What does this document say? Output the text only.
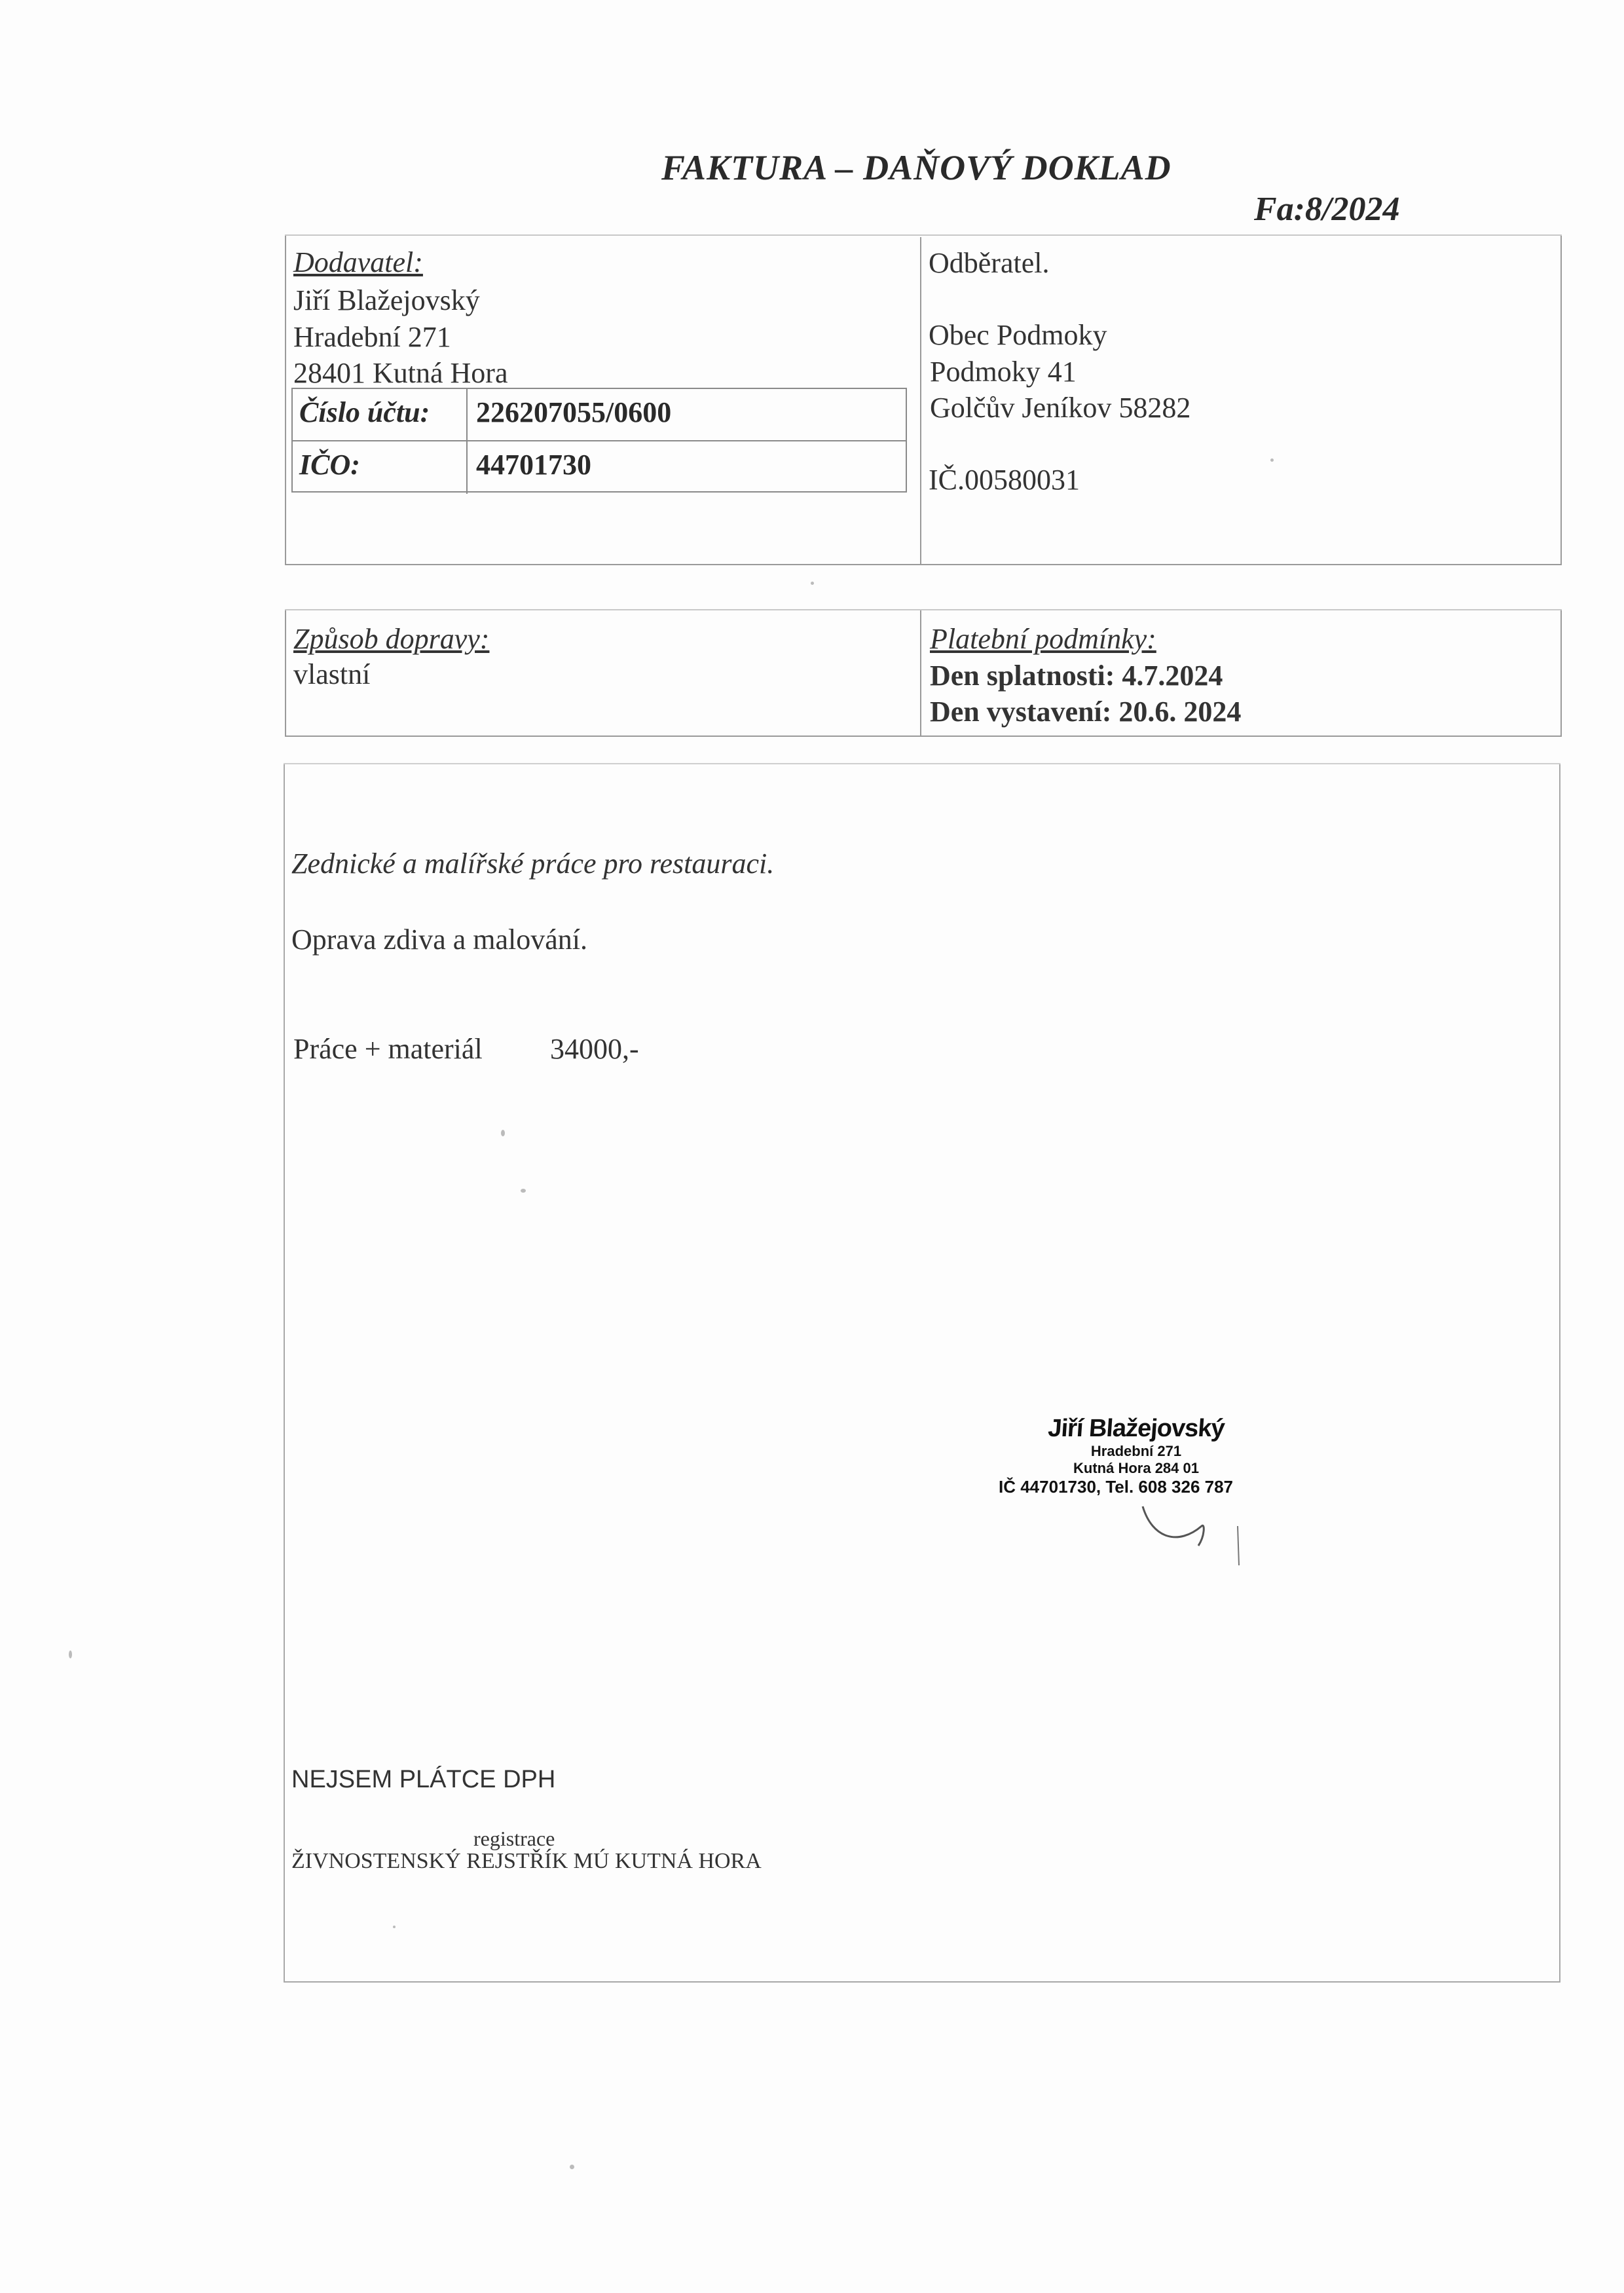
FAKTURA – DAŇOVÝ DOKLAD
Fa:8/2024
Dodavatel:
Jiří Blažejovský
Hradební 271
28401 Kutná Hora
Číslo účtu: 226207055/0600
IČO:	44701730
Odběratel.
Obec Podmoky
Podmoky 41
Golčův Jeníkov 58282
IČ.00580031
Způsob dopravy:
vlastní
Platební podmínky:
Den splatnosti: 4.7.2024
Den vystavení: 20.6. 2024
Zednické a malířské práce pro restauraci.
Oprava zdiva a malování.
Práce + materiál 34000,-
Jiří Blažejovský
Hradební 271
Kutná Hora 284 01
IČ 44701730, Tel. 608 326 787
NEJSEM PLÁTCE DPH
registrace
ŽIVNOSTENSKÝ REJSTŘÍK MÚ KUTNÁ HORA
